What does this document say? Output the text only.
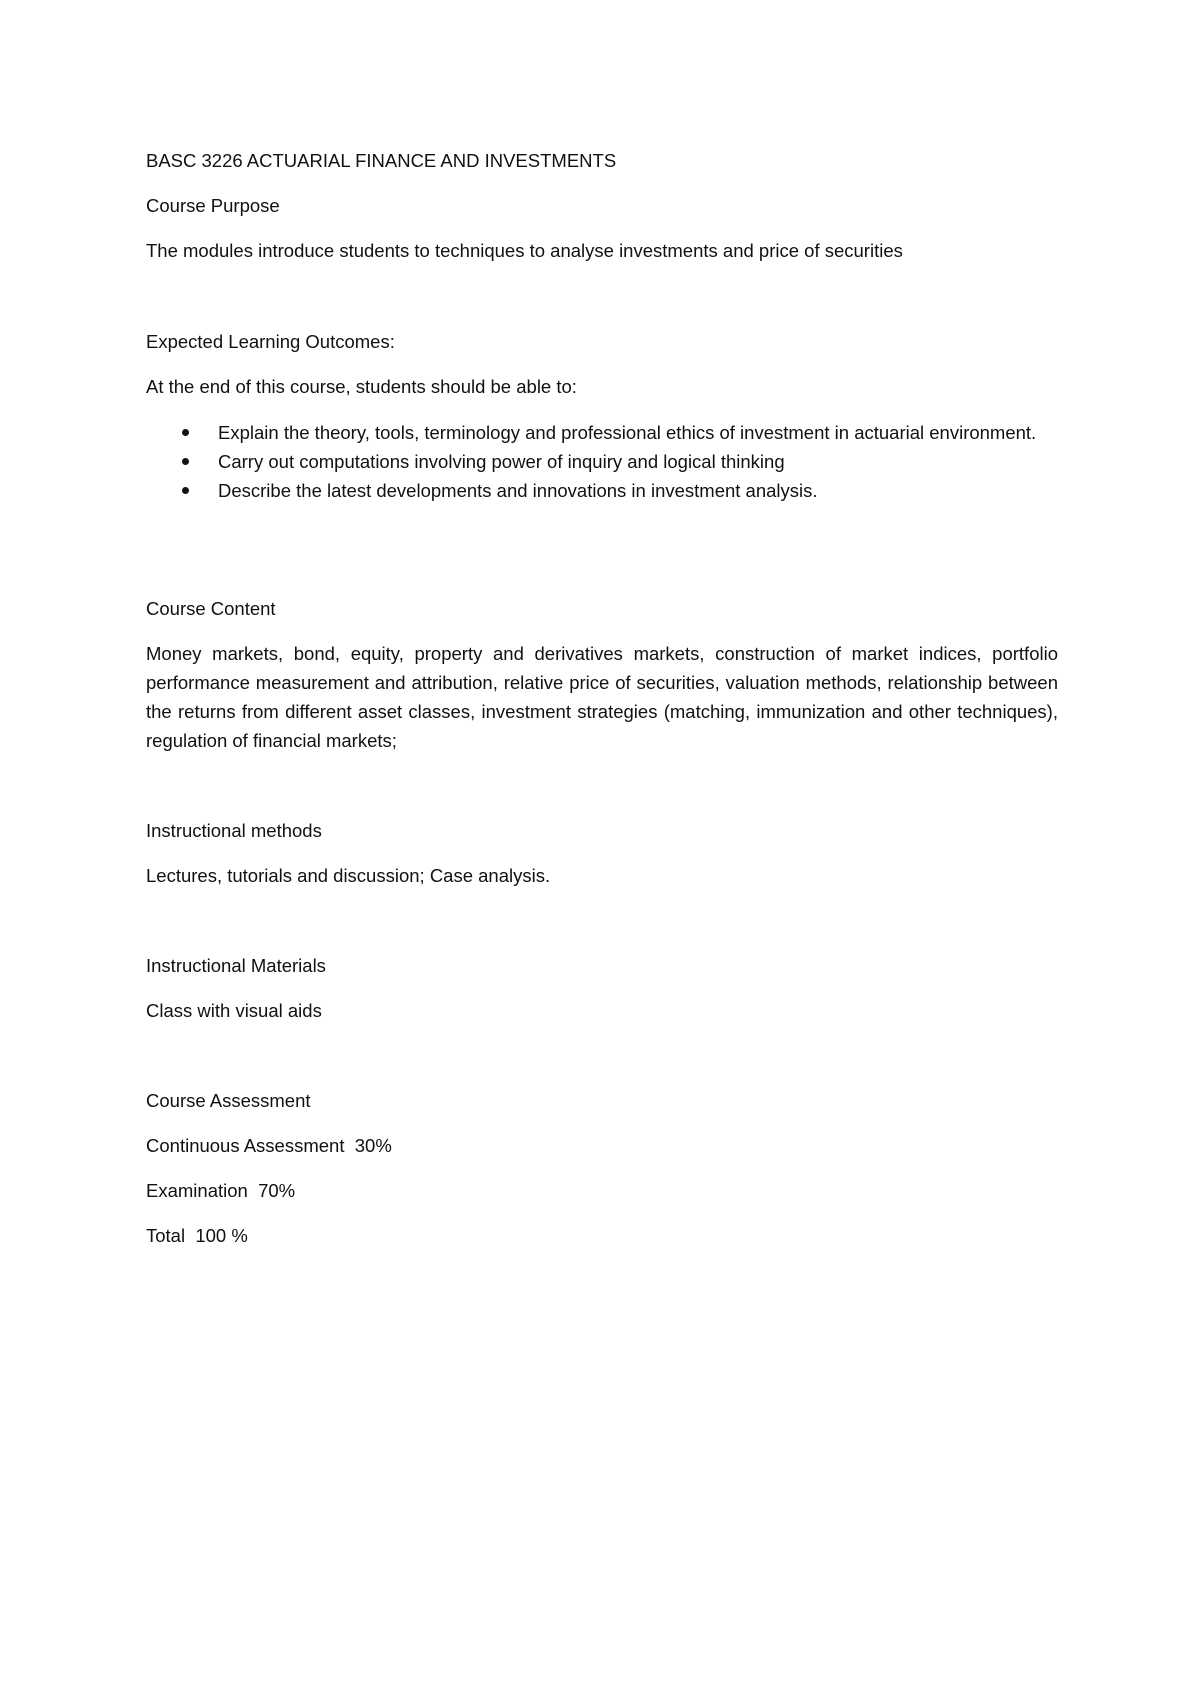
BASC 3226 ACTUARIAL FINANCE AND INVESTMENTS
Course Purpose
The modules introduce students to techniques to analyse investments and price of securities
Expected Learning Outcomes:
At the end of this course, students should be able to:
Explain the theory, tools, terminology and professional ethics of investment in actuarial environment.
Carry out computations involving power of inquiry and logical thinking
Describe the latest developments and innovations in investment analysis.
Course Content
Money markets, bond, equity, property and derivatives markets, construction of market indices, portfolio performance measurement and attribution, relative price of securities, valuation methods, relationship between the returns from different asset classes, investment strategies (matching, immunization and other techniques), regulation of financial markets;
Instructional methods
Lectures, tutorials and discussion; Case analysis.
Instructional Materials
Class with visual aids
Course Assessment
Continuous Assessment  30%
Examination  70%
Total  100 %
